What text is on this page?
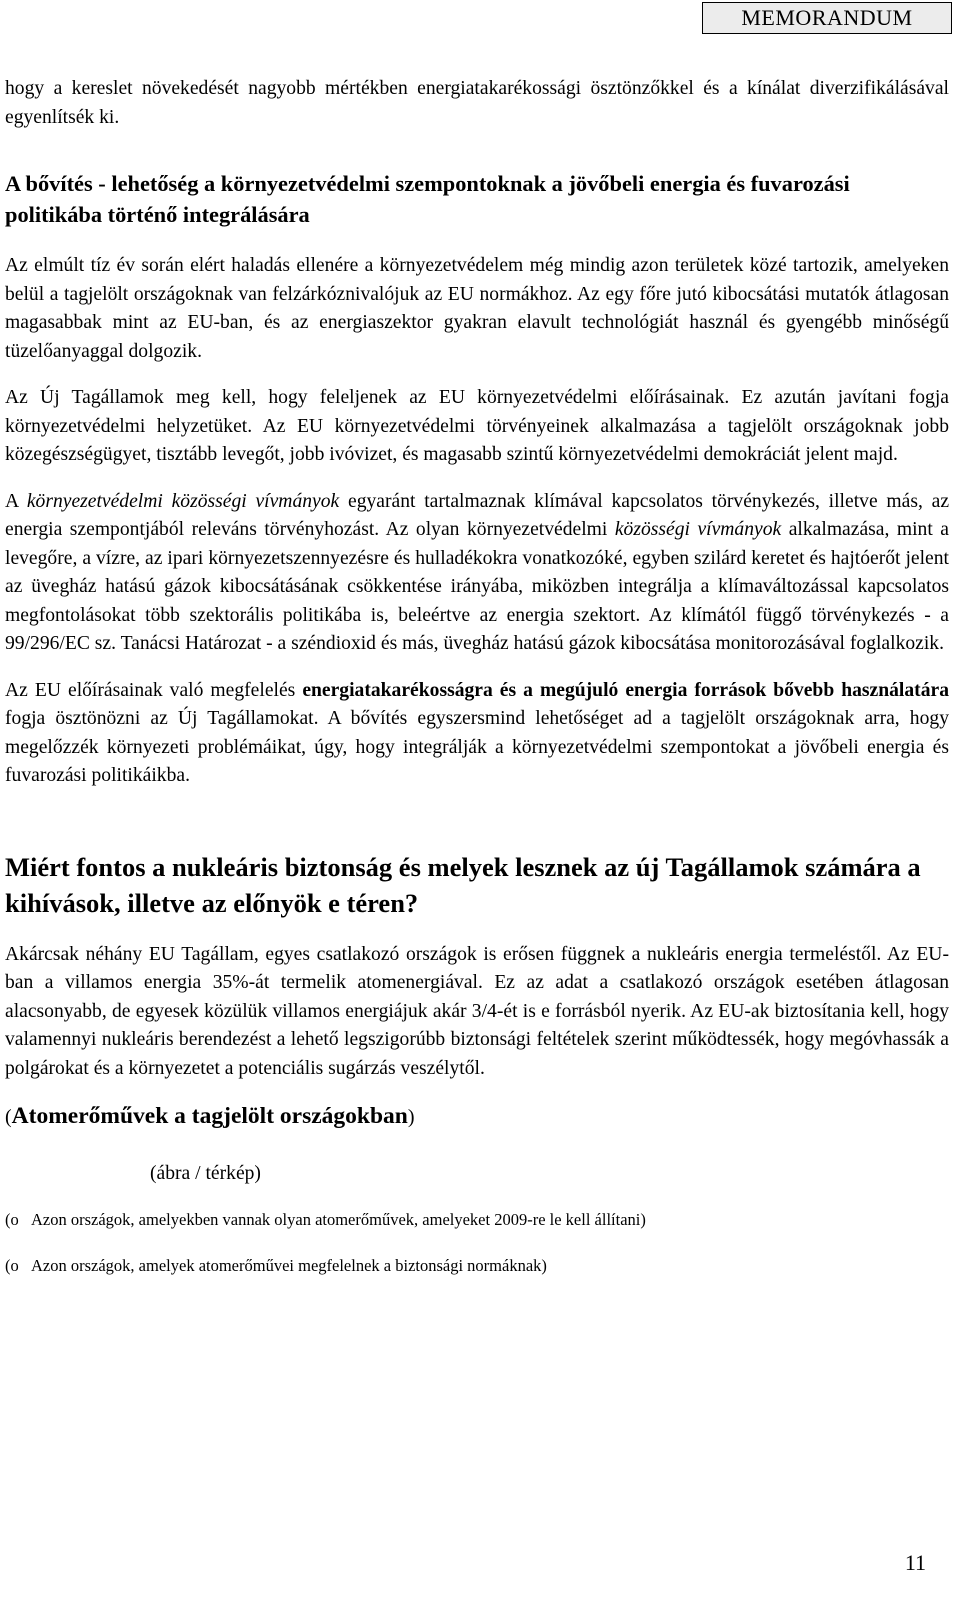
MEMORANDUM

hogy a kereslet növekedését nagyobb mértékben energiatakarékossági ösztönzőkkel és a kínálat diverzifikálásával egyenlítsék ki.

A bővítés - lehetőség a környezetvédelmi szempontoknak a jövőbeli energia és fuvarozási politikába történő integrálására

Az elmúlt tíz év során elért haladás ellenére a környezetvédelem még mindig azon területek közé tartozik, amelyeken belül a tagjelölt országoknak van felzárkóznivalójuk az EU normákhoz. Az egy főre jutó kibocsátási mutatók átlagosan magasabbak mint az EU-ban, és az energiaszektor gyakran elavult technológiát használ és gyengébb minőségű tüzelőanyaggal dolgozik.

Az Új Tagállamok meg kell, hogy feleljenek az EU környezetvédelmi előírásainak. Ez azután javítani fogja környezetvédelmi helyzetüket. Az EU környezetvédelmi törvényeinek alkalmazása a tagjelölt országoknak jobb közegészségügyet, tisztább levegőt, jobb ivóvizet, és magasabb szintű környezetvédelmi demokráciát jelent majd.

A környezetvédelmi közösségi vívmányok egyaránt tartalmaznak klímával kapcsolatos törvénykezés, illetve más, az energia szempontjából releváns törvényhozást. Az olyan környezetvédelmi közösségi vívmányok alkalmazása, mint a levegőre, a vízre, az ipari környezetszennyezésre és hulladékokra vonatkozóké, egyben szilárd keretet és hajtóerőt jelent az üvegház hatású gázok kibocsátásának csökkentése irányába, miközben integrálja a klímaváltozással kapcsolatos megfontolásokat több szektorális politikába is, beleértve az energia szektort. Az klímától függő törvénykezés - a 99/296/EC sz. Tanácsi Határozat - a széndioxid és más, üvegház hatású gázok kibocsátása monitorozásával foglalkozik.

Az EU előírásainak való megfelelés energiatakarékosságra és a megújuló energia források bővebb használatára fogja ösztönözni az Új Tagállamokat. A bővítés egyszersmind lehetőséget ad a tagjelölt országoknak arra, hogy megelőzzék környezeti problémáikat, úgy, hogy integrálják a környezetvédelmi szempontokat a jövőbeli energia és fuvarozási politikáikba.

Miért fontos a nukleáris biztonság és melyek lesznek az új Tagállamok számára a kihívások, illetve az előnyök e téren?

Akárcsak néhány EU Tagállam, egyes csatlakozó országok is erősen függnek a nukleáris energia termeléstől. Az EU-ban a villamos energia 35%-át termelik atomenergiával. Ez az adat a csatlakozó országok esetében átlagosan alacsonyabb, de egyesek közülük villamos energiájuk akár 3/4-ét is e forrásból nyerik. Az EU-ak biztosítania kell, hogy valamennyi nukleáris berendezést a lehető legszigorúbb biztonsági feltételek szerint működtessék, hogy megóvhassák a polgárokat és a környezetet a potenciális sugárzás veszélytől.

(Atomerőművek a tagjelölt országokban)
(ábra / térkép)
(o Azon országok, amelyekben vannak olyan atomerőművek, amelyeket 2009-re le kell állítani)
(o Azon országok, amelyek atomerőművei megfelelnek a biztonsági normáknak)
11
